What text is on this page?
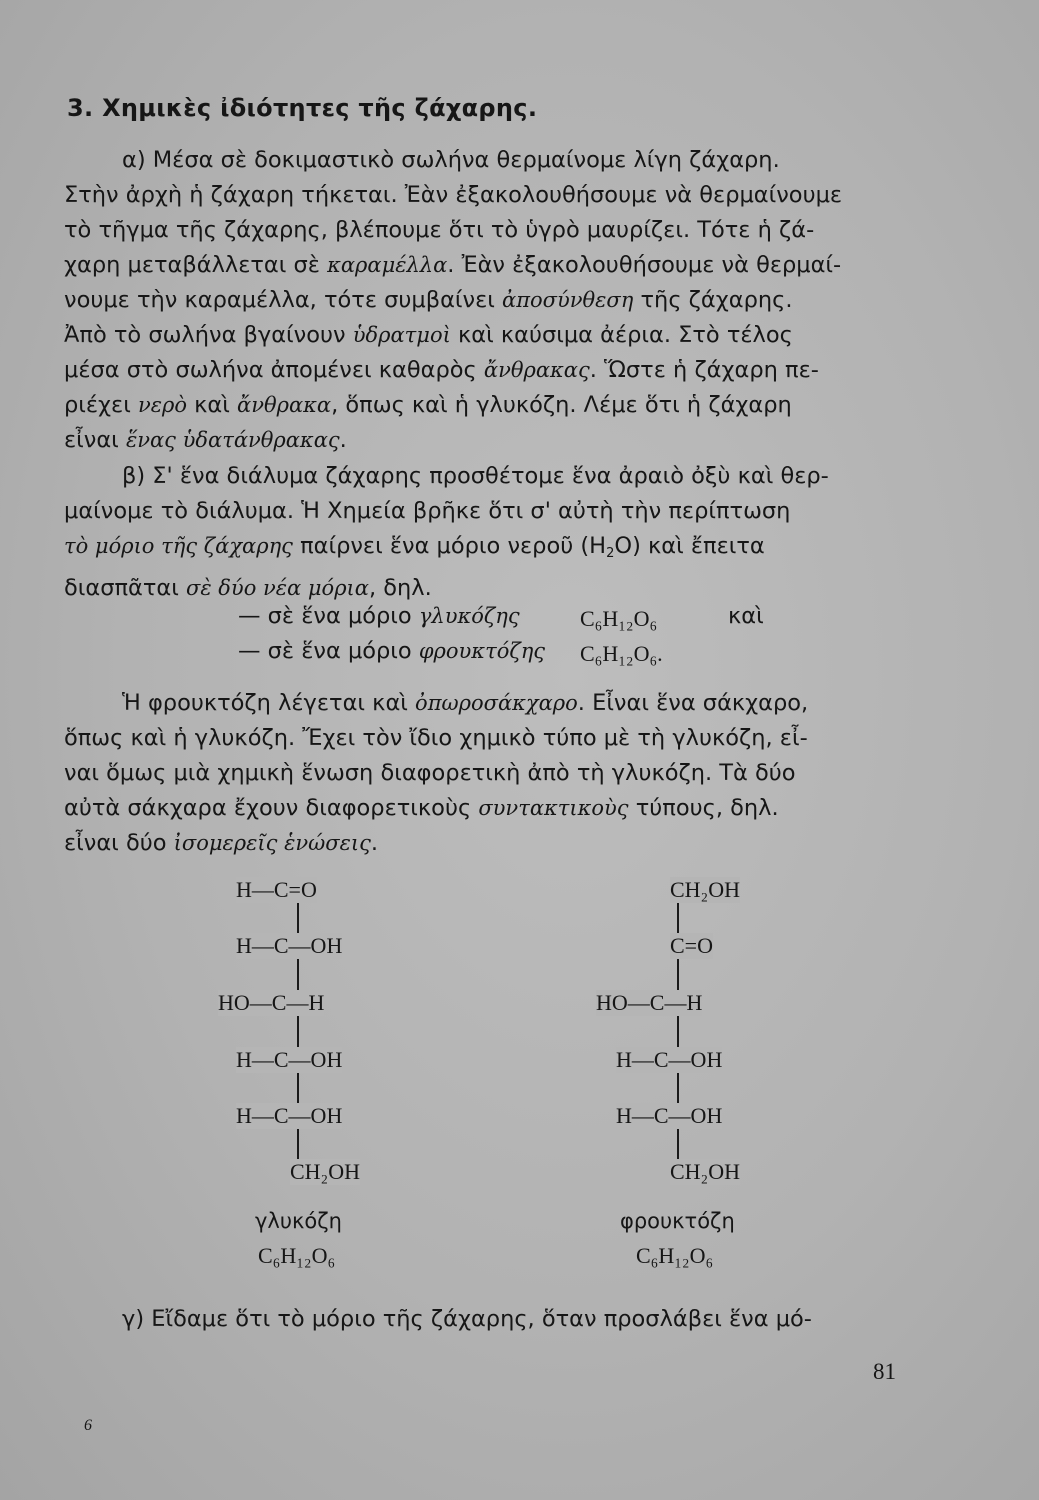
3. Χημικὲς ἰδιότητες τῆς ζάχαρης.
α) Μέσα σὲ δοκιμαστικὸ σωλήνα θερμαίνομε λίγη ζάχαρη.
Στὴν ἀρχὴ ἡ ζάχαρη τήκεται. Ἐὰν ἐξακολουθήσουμε νὰ θερμαίνουμε
τὸ τῆγμα τῆς ζάχαρης, βλέπουμε ὅτι τὸ ὑγρὸ μαυρίζει. Τότε ἡ ζά-
χαρη μεταβάλλεται σὲ καραμέλλα. Ἐὰν ἐξακολουθήσουμε νὰ θερμαί-
νουμε τὴν καραμέλλα, τότε συμβαίνει ἀποσύνθεση τῆς ζάχαρης.
Ἀπὸ τὸ σωλήνα βγαίνουν ὑδρατμοὶ καὶ καύσιμα ἀέρια. Στὸ τέλος
μέσα στὸ σωλήνα ἀπομένει καθαρὸς ἄνθρακας. Ὥστε ἡ ζάχαρη πε-
ριέχει νερὸ καὶ ἄνθρακα, ὅπως καὶ ἡ γλυκόζη. Λέμε ὅτι ἡ ζάχαρη
εἶναι ἕνας ὑδατάνθρακας.
β) Σ' ἕνα διάλυμα ζάχαρης προσθέτομε ἕνα ἀραιὸ ὀξὺ καὶ θερ-
μαίνομε τὸ διάλυμα. Ἡ Χημεία βρῆκε ὅτι σ' αὐτὴ τὴν περίπτωση
τὸ μόριο τῆς ζάχαρης παίρνει ἕνα μόριο νεροῦ $(H_2O)$ καὶ ἔπειτα
διασπᾶται σὲ δύο νέα μόρια, δηλ.
— σὲ ἕνα μόριο γλυκόζης	C₆H₁₂O₆	καὶ
— σὲ ἕνα μόριο φρουκτόζης C₆H₁₂O₆.
Ἡ φρουκτόζη λέγεται καὶ ὀπωροσάκχαρο. Εἶναι ἕνα σάκχαρο,
ὅπως καὶ ἡ γλυκόζη. Ἔχει τὸν ἴδιο χημικὸ τύπο μὲ τὴ γλυκόζη, εἶ-
ναι ὅμως μιὰ χημικὴ ἕνωση διαφορετικὴ ἀπὸ τὴ γλυκόζη. Τὰ δύο
αὐτὰ σάκχαρα ἔχουν διαφορετικοὺς συντακτικοὺς τύπους, δηλ.
εἶναι δύο ἰσομερεῖς ἑνώσεις.
H—C=O
H—C—OH
HO—C—H
H—C—OH
H—C—OH
CH₂OH
γλυκόζη
C₆H₁₂O₆
CH₂OH
C=O
HO—C—H
H—C—OH
H—C—OH
CH₂OH
φρουκτόζη
C₆H₁₂O₆
γ) Εἴδαμε ὅτι τὸ μόριο τῆς ζάχαρης, ὅταν προσλάβει ἕνα μό-
81
6
